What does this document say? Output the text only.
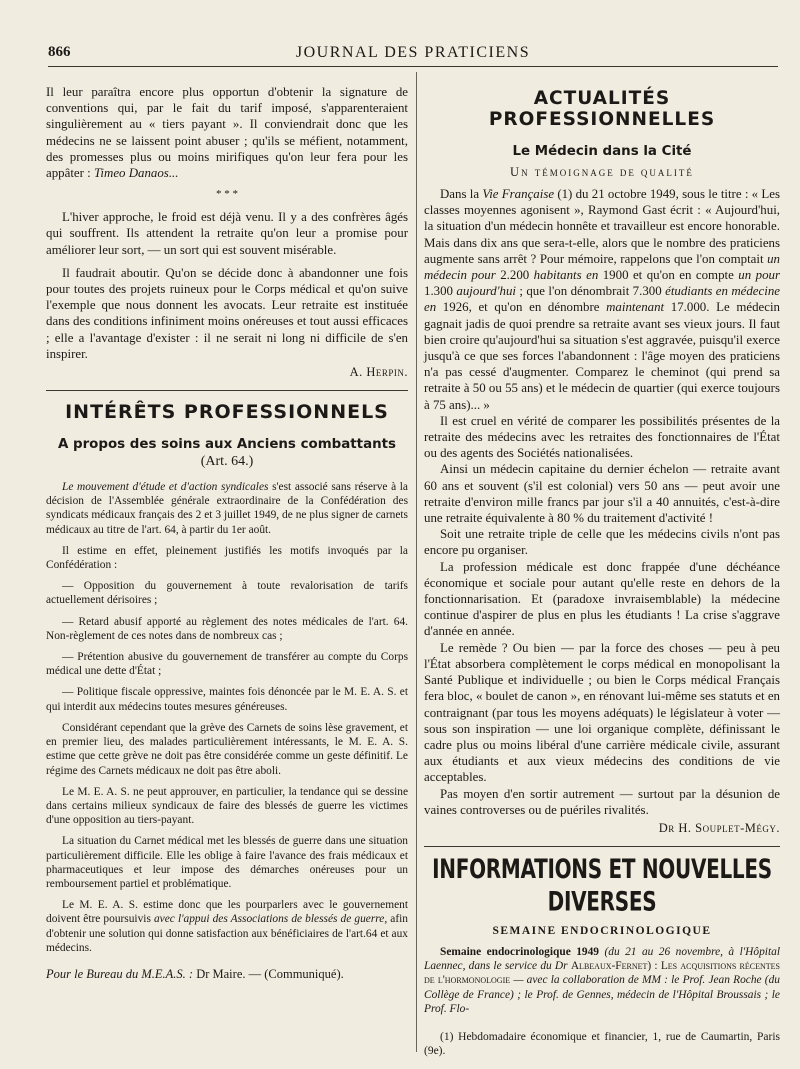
866	JOURNAL DES PRATICIENS

Il leur paraîtra encore plus opportun d'obtenir la signature de conventions qui, par le fait du tarif imposé, s'apparenteraient singulièrement au « tiers payant ». Il conviendrait donc que les médecins ne se laissent point abuser ; qu'ils se méfient, notamment, des promesses plus ou moins mirifiques qu'on leur fera pour les appâter : Timeo Danaos...

* * *

L'hiver approche, le froid est déjà venu. Il y a des confrères âgés qui souffrent. Ils attendent la retraite qu'on leur a promise pour améliorer leur sort, — un sort qui est souvent misérable.

Il faudrait aboutir. Qu'on se décide donc à abandonner une fois pour toutes des projets ruineux pour le Corps médical et qu'on suive l'exemple que nous donnent les avocats. Leur retraite est instituée dans des conditions infiniment moins onéreuses et tout aussi efficaces ; elle a l'avantage d'exister : il ne serait ni long ni difficile de s'en inspirer.

A. Herpin.

INTÉRÊTS PROFESSIONNELS

A propos des soins aux Anciens combattants

(Art. 64.)

Le mouvement d'étude et d'action syndicales s'est associé sans réserve à la décision de l'Assemblée générale extraordinaire de la Confédération des syndicats médicaux français des 2 et 3 juillet 1949, de ne plus signer de carnets médicaux au titre de l'art. 64, à partir du 1er août.

Il estime en effet, pleinement justifiés les motifs invoqués par la Confédération :

— Opposition du gouvernement à toute revalorisation de tarifs actuellement dérisoires ;

— Retard abusif apporté au règlement des notes médicales de l'art. 64. Non-règlement de ces notes dans de nombreux cas ;

— Prétention abusive du gouvernement de transférer au compte du Corps médical une dette d'État ;

— Politique fiscale oppressive, maintes fois dénoncée par le M. E. A. S. et qui interdit aux médecins toutes mesures généreuses.

Considérant cependant que la grève des Carnets de soins lèse gravement, et en premier lieu, des malades particulièrement intéressants, le M. E. A. S. estime que cette grève ne doit pas être considérée comme un geste définitif. Le régime des Carnets médicaux ne doit pas être aboli.

Le M. E. A. S. ne peut approuver, en particulier, la tendance qui se dessine dans certains milieux syndicaux de faire des blessés de guerre les victimes d'une opposition au tiers-payant.

La situation du Carnet médical met les blessés de guerre dans une situation particulièrement difficile. Elle les oblige à faire l'avance des frais médicaux et pharmaceutiques et leur impose des démarches onéreuses pour un remboursement partiel et problématique.

Le M. E. A. S. estime donc que les pourparlers avec le gouvernement doivent être poursuivis avec l'appui des Associations de blessés de guerre, afin d'obtenir une solution qui donne satisfaction aux bénéficiaires de l'art.64 et aux médecins.

Pour le Bureau du M.E.A.S. : Dr Maire. — (Communiqué).

ACTUALITÉS PROFESSIONNELLES

Le Médecin dans la Cité

Un témoignage de qualité

Dans la Vie Française (1) du 21 octobre 1949, sous le titre : « Les classes moyennes agonisent », Raymond Gast écrit : « Aujourd'hui, la situation d'un médecin honnête et travailleur est encore honorable. Mais dans dix ans que sera-t-elle, alors que le nombre des praticiens augmente sans arrêt ? Pour mémoire, rappelons que l'on comptait un médecin pour 2.200 habitants en 1900 et qu'on en compte un pour 1.300 aujourd'hui ; que l'on dénombrait 7.300 étudiants en médecine en 1926, et qu'on en dénombre maintenant 17.000. Le médecin gagnait jadis de quoi prendre sa retraite avant ses vieux jours. Il faut bien croire qu'aujourd'hui sa situation s'est aggravée, puisqu'il exerce jusqu'à ce que ses forces l'abandonnent : l'âge moyen des praticiens n'a pas cessé d'augmenter. Comparez le cheminot (qui prend sa retraite à 50 ou 55 ans) et le médecin de quartier (qui exerce toujours à 75 ans)... »

Il est cruel en vérité de comparer les possibilités présentes de la retraite des médecins avec les retraites des fonctionnaires de l'État ou des agents des Sociétés nationalisées.

Ainsi un médecin capitaine du dernier échelon — retraite avant 60 ans et souvent (s'il est colonial) vers 50 ans — peut avoir une retraite d'environ mille francs par jour s'il a 40 annuités, c'est-à-dire une retraite équivalente à 80 % du traitement d'activité !

Soit une retraite triple de celle que les médecins civils n'ont pas encore pu organiser.

La profession médicale est donc frappée d'une déchéance économique et sociale pour autant qu'elle reste en dehors de la fonctionnarisation. Et (paradoxe invraisemblable) la médecine continue d'aspirer de plus en plus les étudiants ! La crise s'aggrave d'année en année.

Le remède ? Ou bien — par la force des choses — peu à peu l'État absorbera complètement le corps médical en monopolisant la Santé Publique et individuelle ; ou bien le Corps médical Français fera bloc, « boulet de canon », en rénovant lui-même ses statuts et en contraignant (par tous les moyens adéquats) le législateur à voter — sous son inspiration — une loi organique complète, définissant le cadre plus ou moins libéral d'une carrière médicale civile, assurant aux étudiants et aux vieux médecins des conditions de vie acceptables.

Pas moyen d'en sortir autrement — surtout par la désunion de vaines controverses ou de puériles rivalités.

Dr H. Souplet-Mégy.

INFORMATIONS ET NOUVELLES DIVERSES

SEMAINE ENDOCRINOLOGIQUE

Semaine endocrinologique 1949 (du 21 au 26 novembre, à l'Hôpital Laennec, dans le service du Dr Albeaux-Fernet) : Les acquisitions récentes de l'hormonologie — avec la collaboration de MM : le Prof. Jean Roche (du Collège de France) ; le Prof. de Gennes, médecin de l'Hôpital Broussais ; le Prof. Flo-

(1) Hebdomadaire économique et financier, 1, rue de Caumartin, Paris (9e).
